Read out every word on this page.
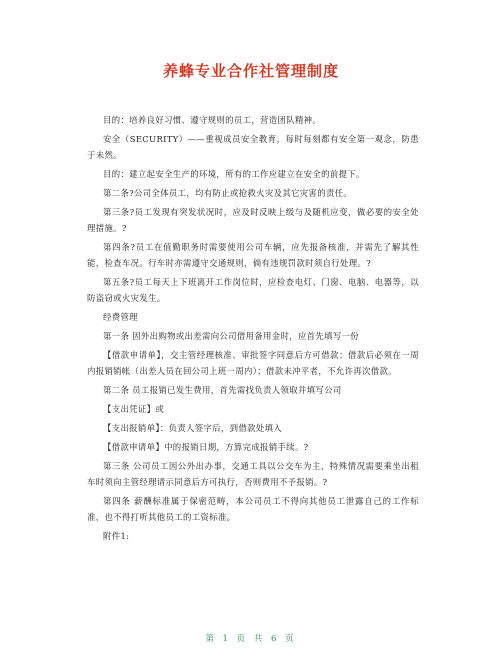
养蜂专业合作社管理制度

目的：培养良好习惯、遵守规则的员工，营造团队精神。

安全（SECURITY）——重视成员安全教育，每时每刻都有安全第一观念，防患于未然。

目的：建立起安全生产的环境，所有的工作应建立在安全的前提下。

第二条?公司全体员工，均有防止或抢救火灾及其它灾害的责任。

第三条?员工发现有突发状况时，应及时反映上级与及随机应变，做必要的安全处理措施。?

第四条?员工在值勤职务时需要使用公司车辆，应先报备核准，并需先了解其性能，检查车况。行车时亦需遵守交通规则，倘有违规罚款时须自行处理。?

第五条?员工每天上下班离开工作岗位时，应检查电灯、门窗、电脑、电器等，以防盗窃或火灾发生。

经费管理

第一条 因外出购物或出差需向公司借用备用金时，应首先填写一份

【借款申请单】，交主管经理核准、审批签字同意后方可借款；借款后必须在一周内报销销帐（出差人员在回公司上班一周内）；借款未冲平者，不允许再次借款。

第二条 员工报销已发生费用，首先需找负责人领取并填写公司

【支出凭证】或

【支出报销单】：负责人签字后，到借款处填入

【借款申请单】中的报销日期，方算完成报销手续。?

第三条 公司员工因公外出办事，交通工具以公交车为主，特殊情况需要乘坐出租车时须向主管经理请示同意后方可执行，否则费用不予报销。?

第四条 薪酬标准属于保密范畴，本公司员工不得向其他员工泄露自己的工作标准，也不得打听其他员工的工资标准。

附件1:

第 1 页 共 6 页
